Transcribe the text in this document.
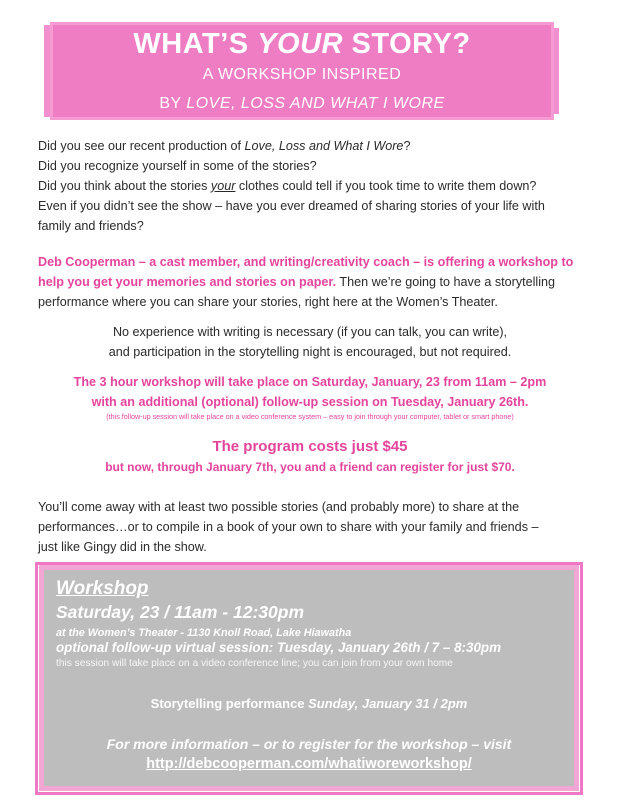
WHAT’S YOUR STORY?
A WORKSHOP INSPIRED
BY LOVE, LOSS AND WHAT I WORE
Did you see our recent production of Love, Loss and What I Wore?
Did you recognize yourself in some of the stories?
Did you think about the stories your clothes could tell if you took time to write them down?
Even if you didn’t see the show – have you ever dreamed of sharing stories of your life with
family and friends?
Deb Cooperman – a cast member, and writing/creativity coach – is offering a workshop to help you get your memories and stories on paper. Then we’re going to have a storytelling performance where you can share your stories, right here at the Women’s Theater.
No experience with writing is necessary (if you can talk, you can write),
and participation in the storytelling night is encouraged, but not required.
The 3 hour workshop will take place on Saturday, January, 23 from 11am – 2pm
with an additional (optional) follow-up session on Tuesday, January 26th.
(this follow-up session will take place on a video conference system – easy to join through your computer, tablet or smart phone)
The program costs just $45
but now, through January 7th, you and a friend can register for just $70.
You’ll come away with at least two possible stories (and probably more) to share at the
performances…or to compile in a book of your own to share with your family and friends –
just like Gingy did in the show.
Workshop
Saturday, 23 / 11am - 12:30pm
at the Women’s Theater - 1130 Knoll Road, Lake Hiawatha
optional follow-up virtual session: Tuesday, January 26th / 7 – 8:30pm
this session will take place on a video conference line; you can join from your own home
Storytelling performance Sunday, January 31 / 2pm
For more information – or to register for the workshop – visit
http://debcooperman.com/whatiworeworkshop/
